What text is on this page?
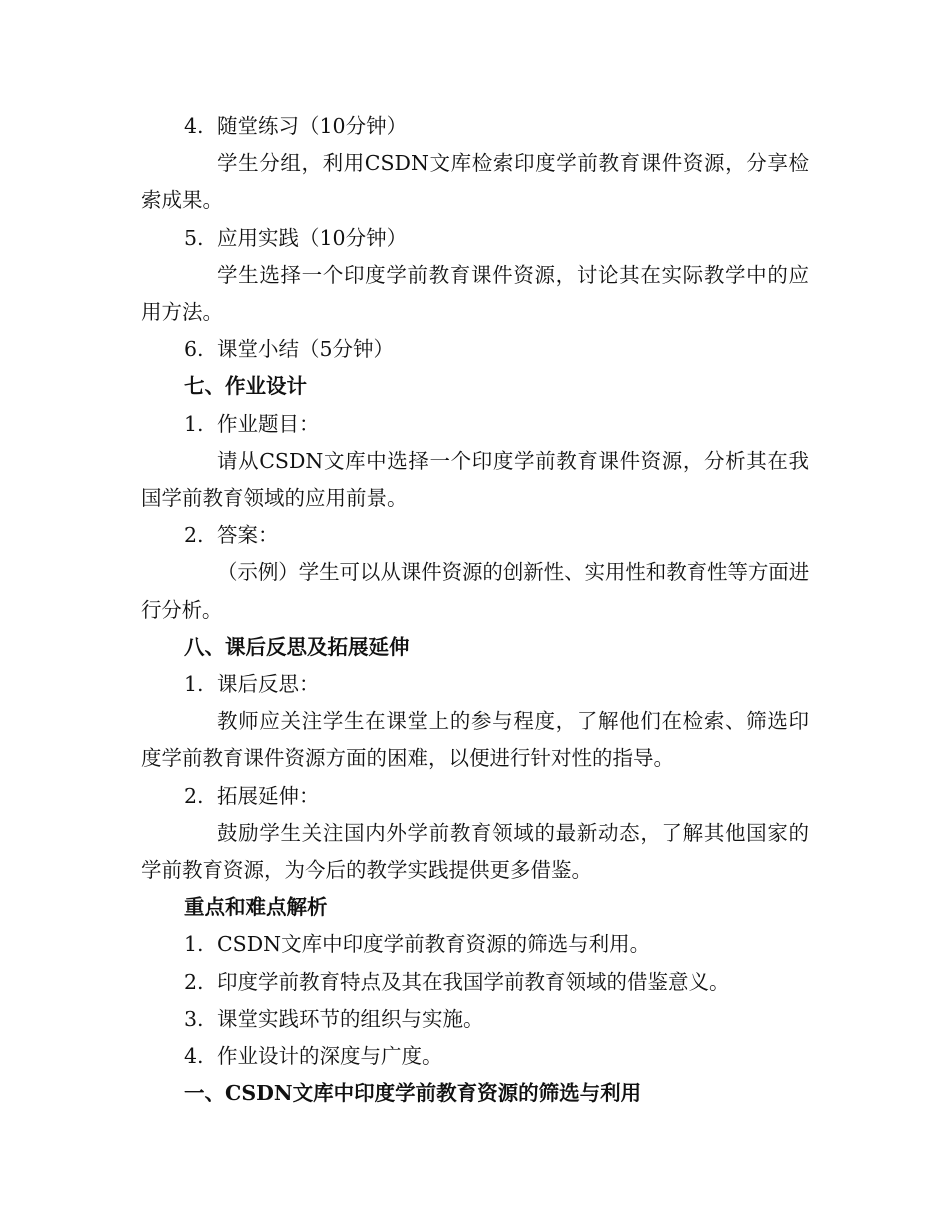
4. 随堂练习（10分钟）
学生分组，利用CSDN文库检索印度学前教育课件资源，分享检索成果。
5. 应用实践（10分钟）
学生选择一个印度学前教育课件资源，讨论其在实际教学中的应用方法。
6. 课堂小结（5分钟）
七、作业设计
1. 作业题目：
请从CSDN文库中选择一个印度学前教育课件资源，分析其在我国学前教育领域的应用前景。
2. 答案：
（示例）学生可以从课件资源的创新性、实用性和教育性等方面进行分析。
八、课后反思及拓展延伸
1. 课后反思：
教师应关注学生在课堂上的参与程度，了解他们在检索、筛选印度学前教育课件资源方面的困难，以便进行针对性的指导。
2. 拓展延伸：
鼓励学生关注国内外学前教育领域的最新动态，了解其他国家的学前教育资源，为今后的教学实践提供更多借鉴。
重点和难点解析
1. CSDN文库中印度学前教育资源的筛选与利用。
2. 印度学前教育特点及其在我国学前教育领域的借鉴意义。
3. 课堂实践环节的组织与实施。
4. 作业设计的深度与广度。
一、CSDN文库中印度学前教育资源的筛选与利用
